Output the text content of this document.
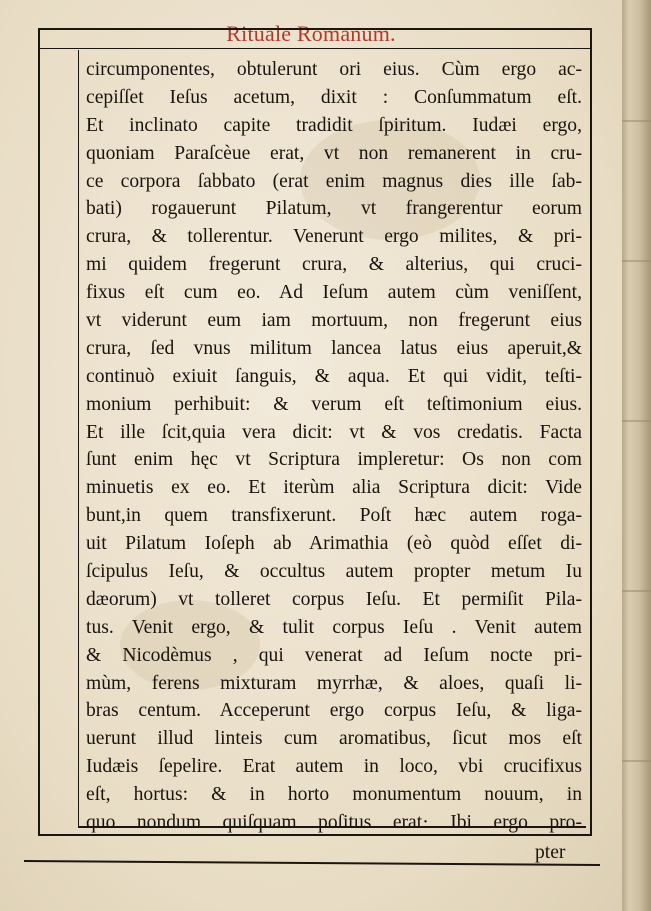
Rituale Romanum.
circumponentes, obtulerunt ori eius. Cùm ergo ac-
cepiſſet Ieſus acetum, dixit : Conſummatum eſt.
Et inclinato capite tradidit ſpiritum. Iudæi ergo,
quoniam Paraſcèue erat, vt non remanerent in cru-
ce corpora ſabbato (erat enim magnus dies ille ſab-
bati) rogauerunt Pilatum, vt frangerentur eorum
crura, & tollerentur. Venerunt ergo milites, & pri-
mi quidem fregerunt crura, & alterius, qui cruci-
fixus eſt cum eo. Ad Ieſum autem cùm veniſſent,
vt viderunt eum iam mortuum, non fregerunt eius
crura, ſed vnus militum lancea latus eius aperuit,&
continuò exiuit ſanguis, & aqua. Et qui vidit, teſti-
monium perhibuit: & verum eſt teſtimonium eius.
Et ille ſcit,quia vera dicit: vt & vos credatis. Facta
ſunt enim hęc vt Scriptura impleretur: Os non com
minuetis ex eo. Et iterùm alia Scriptura dicit: Vide
bunt,in quem transfixerunt. Poſt hæc autem roga-
uit Pilatum Ioſeph ab Arimathia (eò quòd eſſet di-
ſcipulus Ieſu, & occultus autem propter metum Iu
dæorum) vt tolleret corpus Ieſu. Et permiſit Pila-
tus. Venit ergo, & tulit corpus Ieſu . Venit autem
& Nicodèmus , qui venerat ad Ieſum nocte pri-
mùm, ferens mixturam myrrhæ, & aloes, quaſi li-
bras centum. Acceperunt ergo corpus Ieſu, & liga-
uerunt illud linteis cum aromatibus, ſicut mos eſt
Iudæis ſepelire. Erat autem in loco, vbi crucifixus
eſt, hortus: & in horto monumentum nouum, in
quo nondum quiſquam poſitus erat· Ibi ergo pro-
pter
